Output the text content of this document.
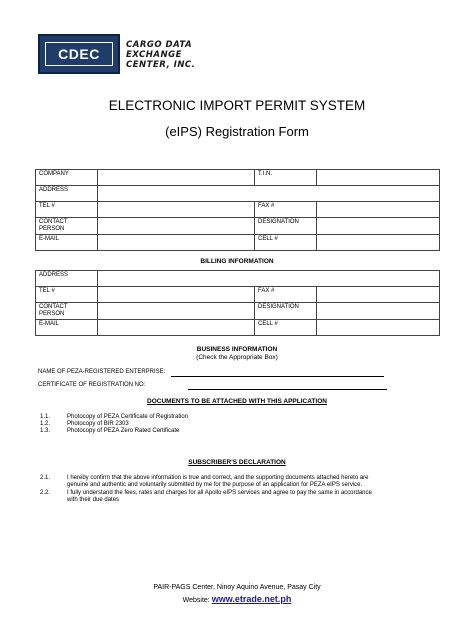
CDEC
CARGO DATA
EXCHANGE
CENTER, INC.
ELECTRONIC IMPORT PERMIT SYSTEM
(eIPS) Registration Form
COMPANY		T.I.N.	
ADDRESS			
TEL #		FAX #	
CONTACT PERSON		DESIGNATION	
E-MAIL		CELL #	
BILLING INFORMATION
ADDRESS			
TEL #		FAX #	
CONTACT PERSON		DESIGNATION	
E-MAIL		CELL #	
BUSINESS INFORMATION
(Check the Appropriate Box)
NAME OF PEZA-REGISTERED ENTERPRISE:
CERTIFICATE OF REGISTRATION NO:
DOCUMENTS TO BE ATTACHED WITH THIS APPLICATION
1.1.	Photocopy of PEZA Certificate of Registration
1.2.	Photocopy of BIR 2303
1.3.	Photocopy of PEZA Zero Rated Certificate
SUBSCRIBER'S DECLARATION
2.1.	I hereby confirm that the above information is true and correct, and the supporting documents attached hereto are
genuine and authentic and voluntarily submitted by me for the purpose of an application for PEZA eIPS service.
2.2.	I fully understand the fees, rates and charges for all Apollo eIPS services and agree to pay the same in accordance
with their due dates
PAIR-PAGS Center, Ninoy Aquino Avenue, Pasay City
Website: www.etrade.net.ph
